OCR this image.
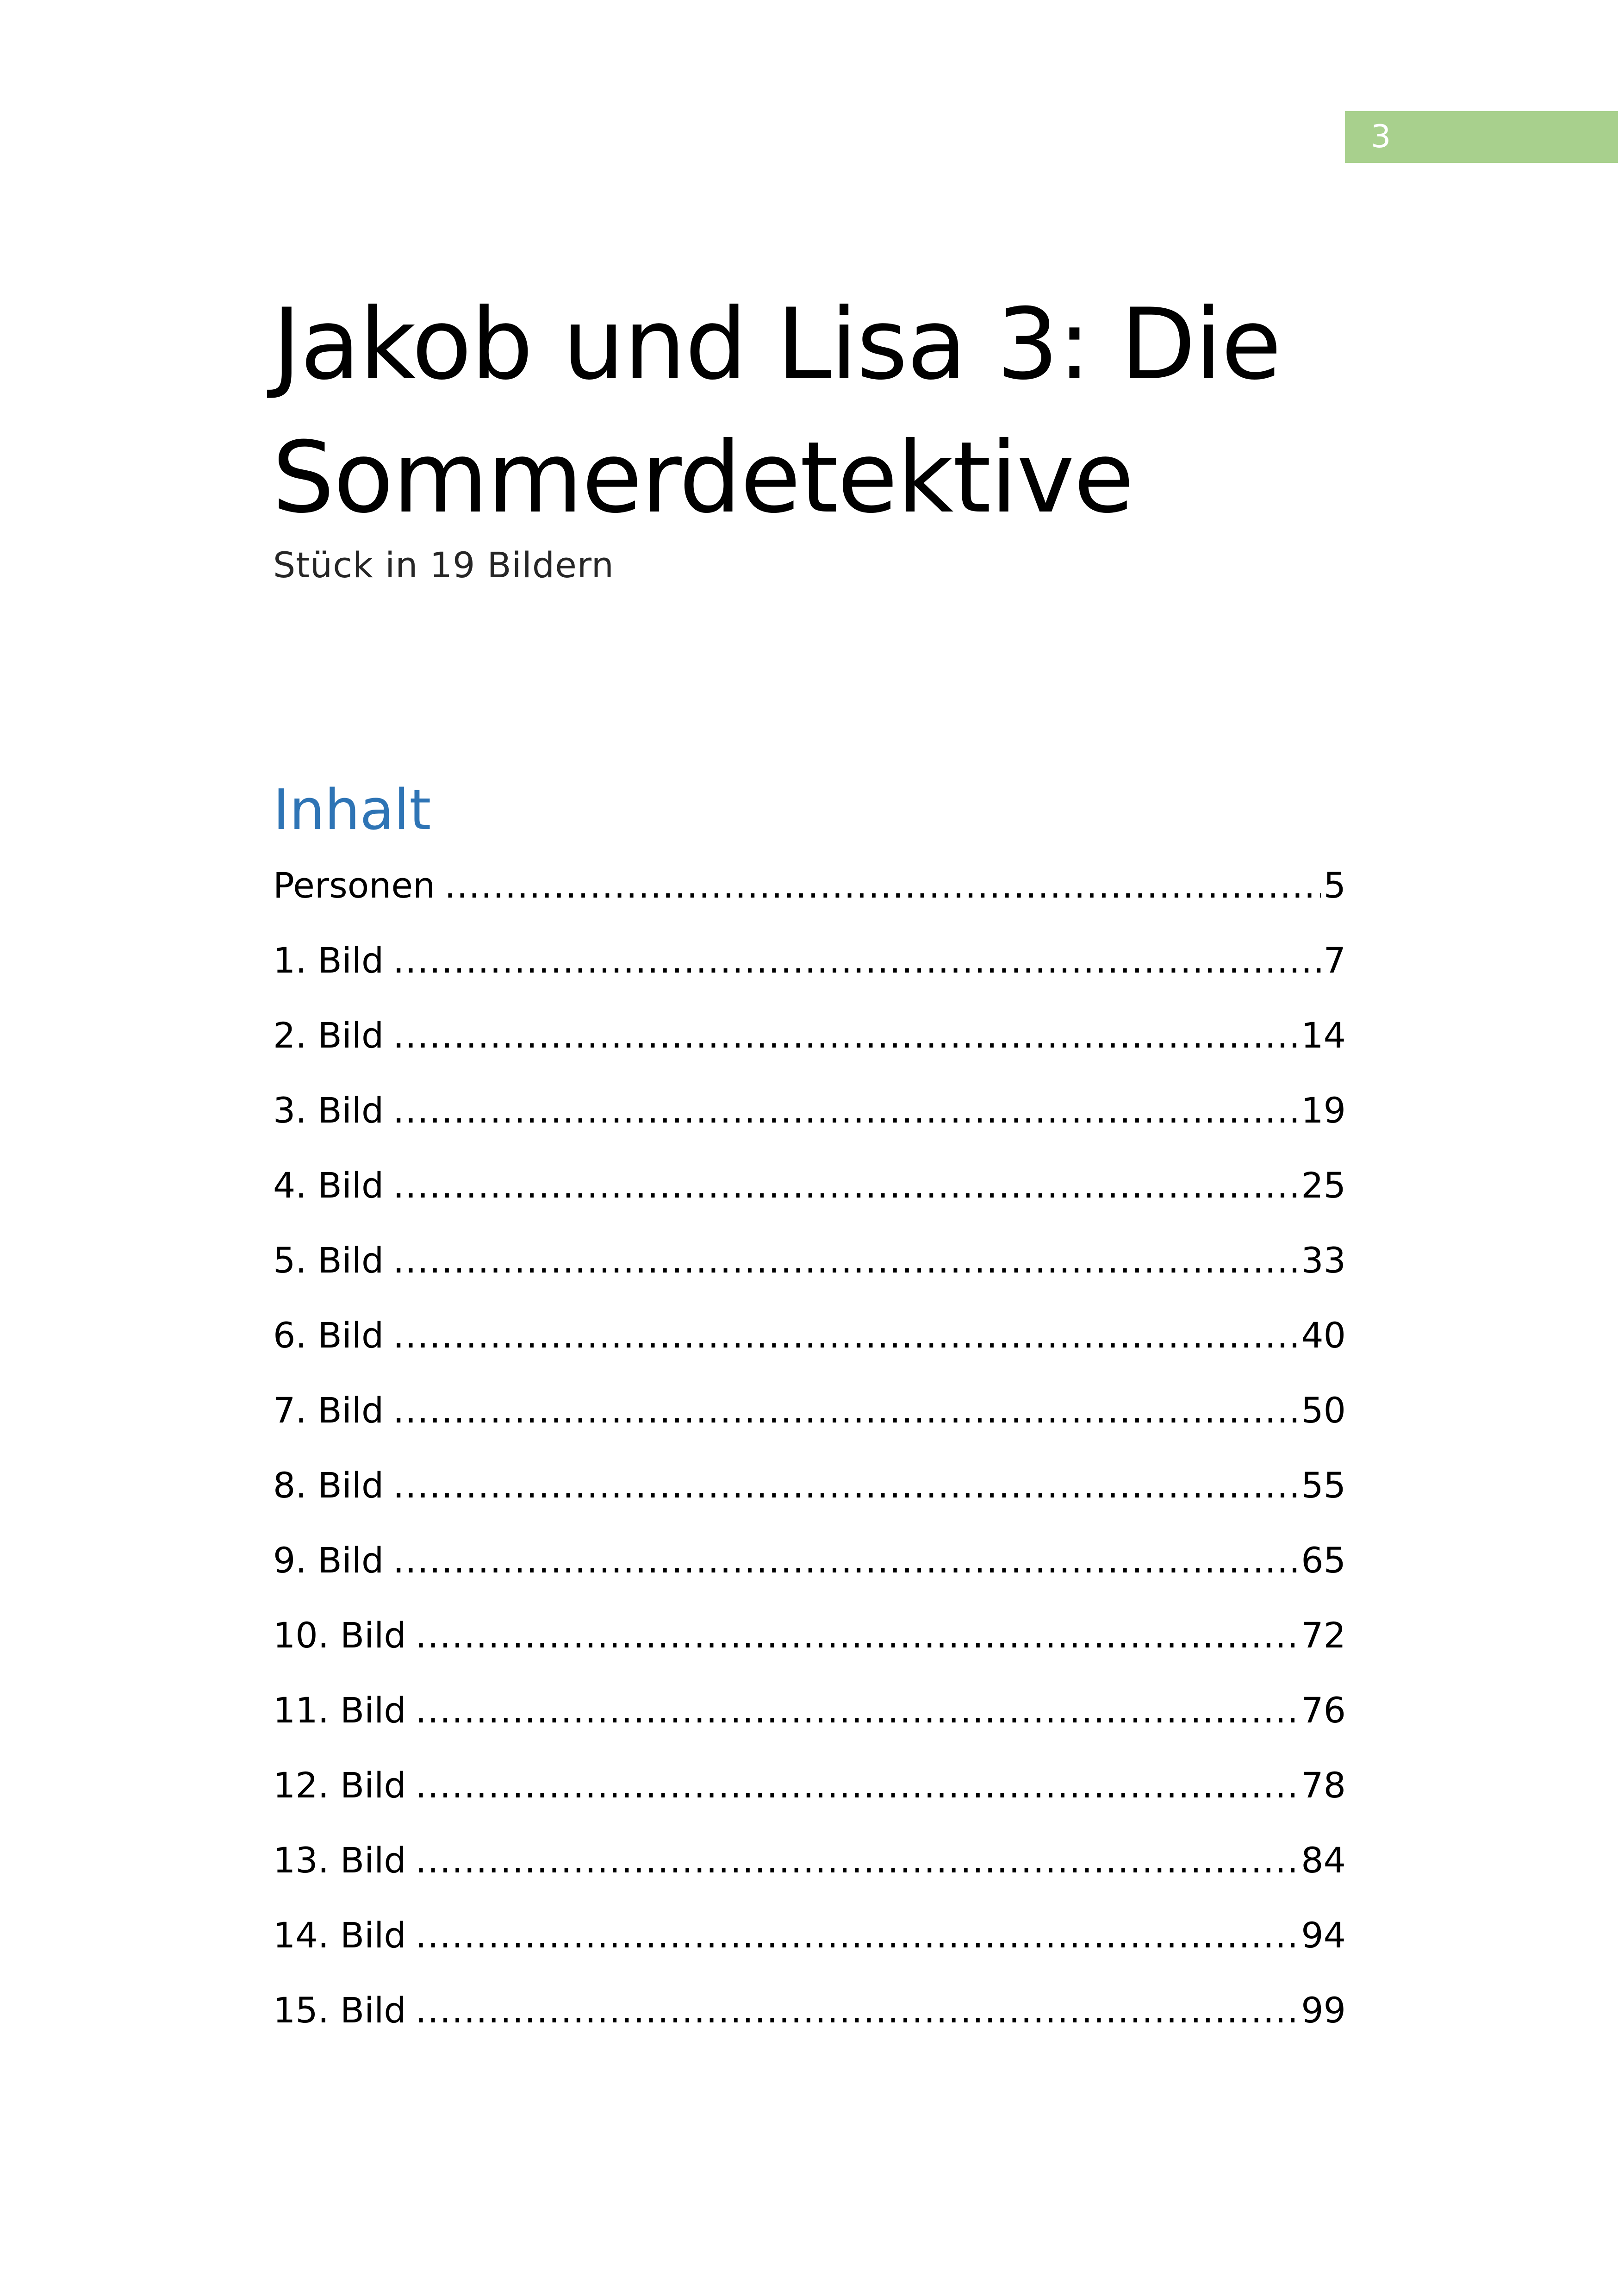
3
Jakob und Lisa 3: Die Sommerdetektive
Stück in 19 Bildern
Inhalt
Personen .....	5
1. Bild .....	7
2. Bild .....	14
3. Bild .....	19
4. Bild .....	25
5. Bild .....	33
6. Bild .....	40
7. Bild .....	50
8. Bild .....	55
9. Bild .....	65
10. Bild .....	72
11. Bild .....	76
12. Bild .....	78
13. Bild .....	84
14. Bild .....	94
15. Bild .....	99
